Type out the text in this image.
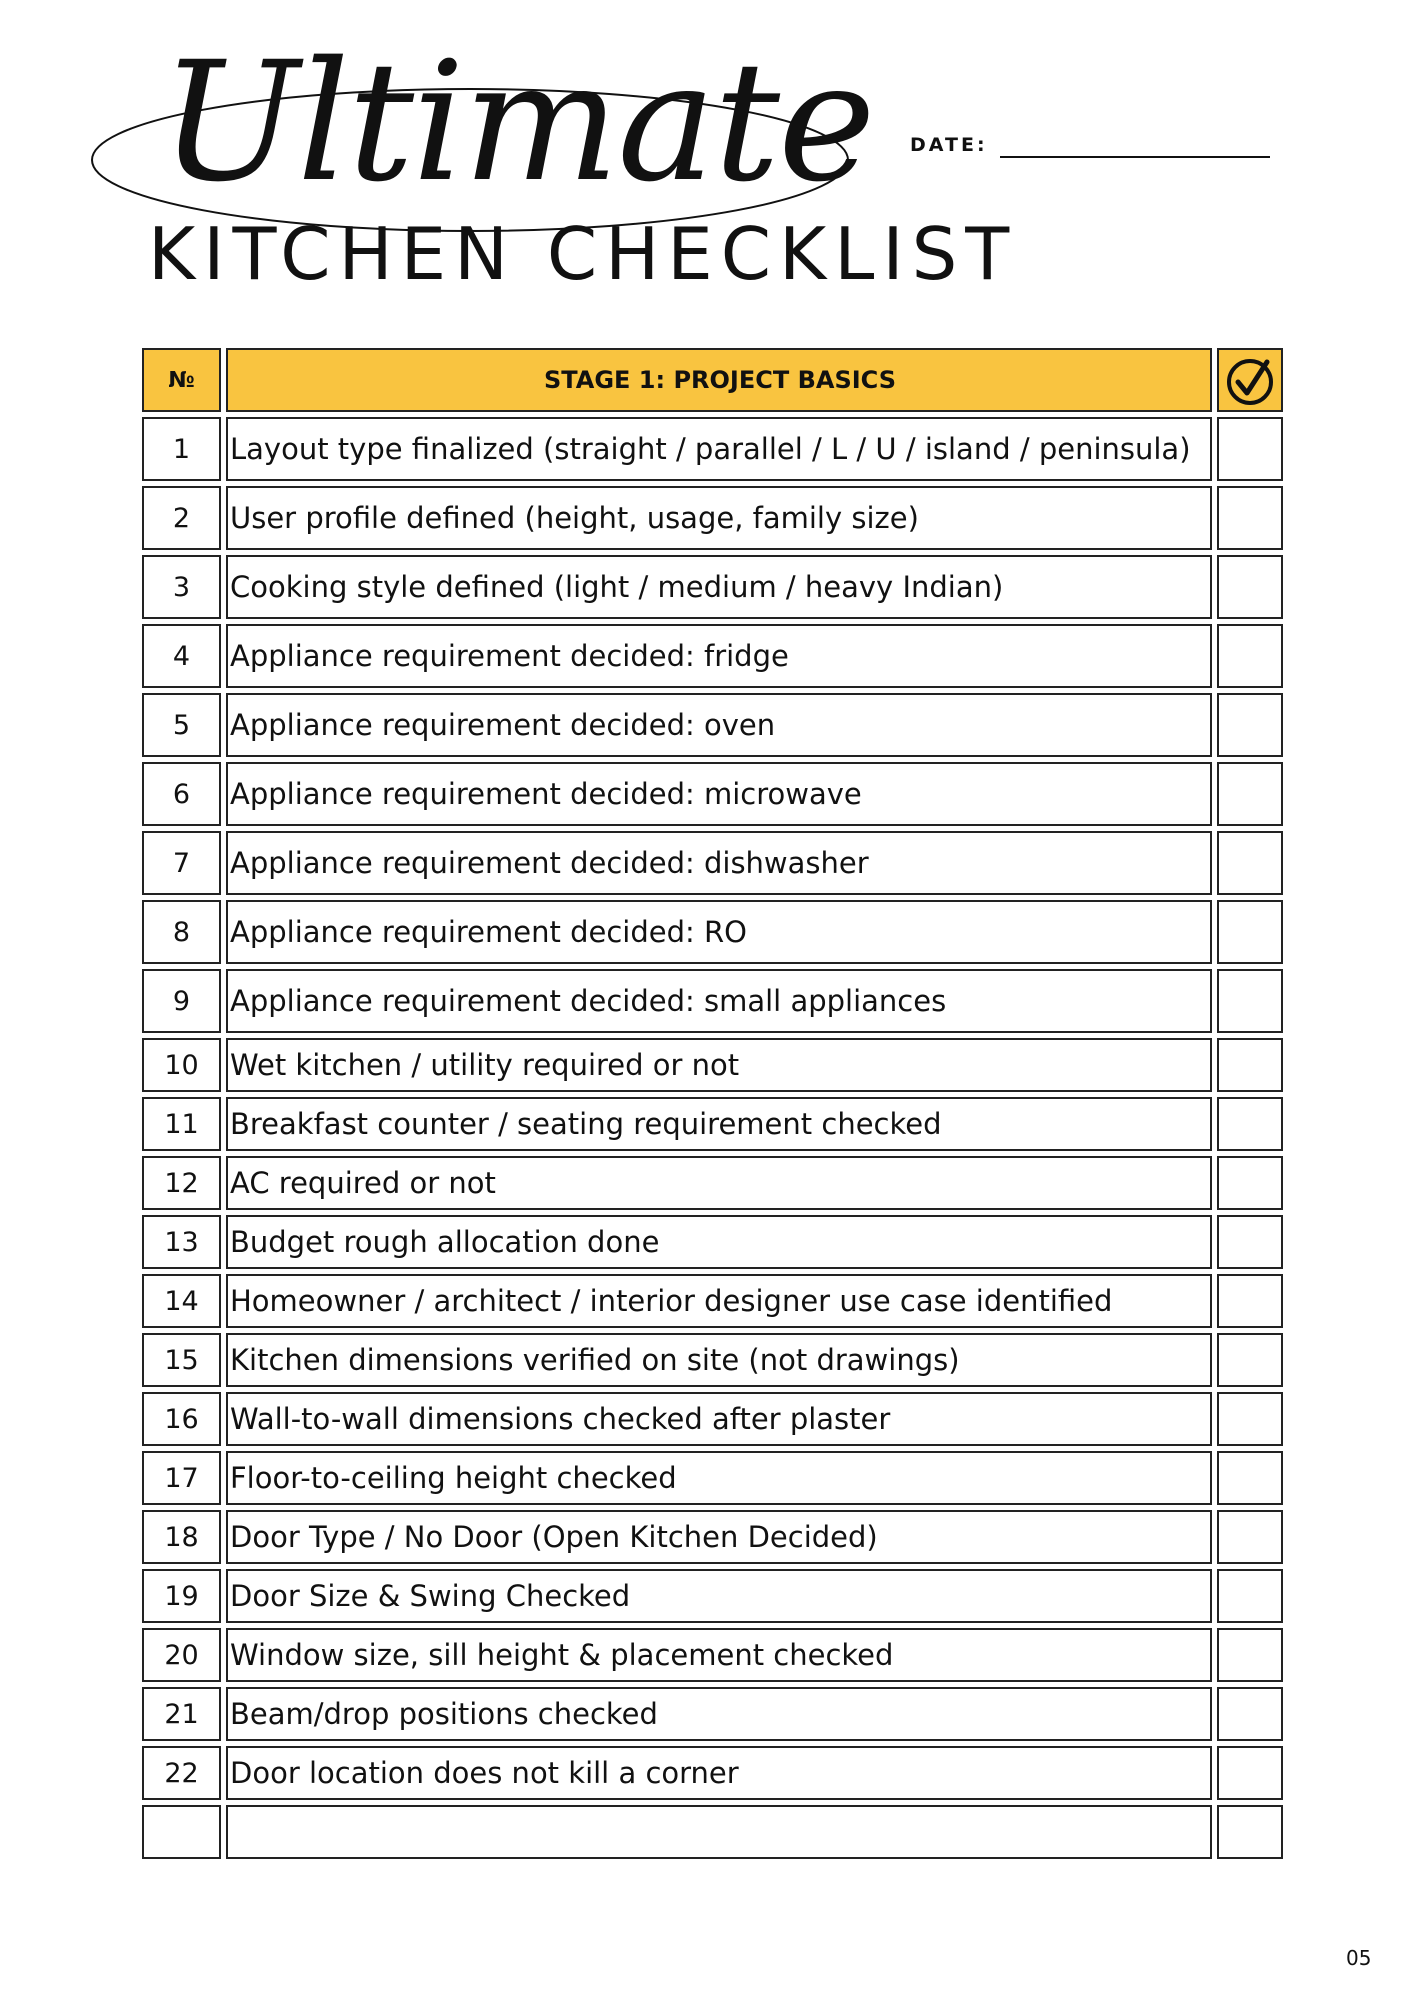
Ultimate DATE:
KITCHEN CHECKLIST
№	STAGE 1: PROJECT BASICS
1	Layout type finalized (straight / parallel / L / U / island / peninsula)
2	User profile defined (height, usage, family size)
3	Cooking style defined (light / medium / heavy Indian)
4	Appliance requirement decided: fridge
5	Appliance requirement decided: oven
6	Appliance requirement decided: microwave
7	Appliance requirement decided: dishwasher
8	Appliance requirement decided: RO
9	Appliance requirement decided: small appliances
10	Wet kitchen / utility required or not
11	Breakfast counter / seating requirement checked
12	AC required or not
13	Budget rough allocation done
14	Homeowner / architect / interior designer use case identified
15	Kitchen dimensions verified on site (not drawings)
16	Wall-to-wall dimensions checked after plaster
17	Floor-to-ceiling height checked
18	Door Type / No Door (Open Kitchen Decided)
19	Door Size & Swing Checked
20	Window size, sill height & placement checked
21	Beam/drop positions checked
22	Door location does not kill a corner
05
